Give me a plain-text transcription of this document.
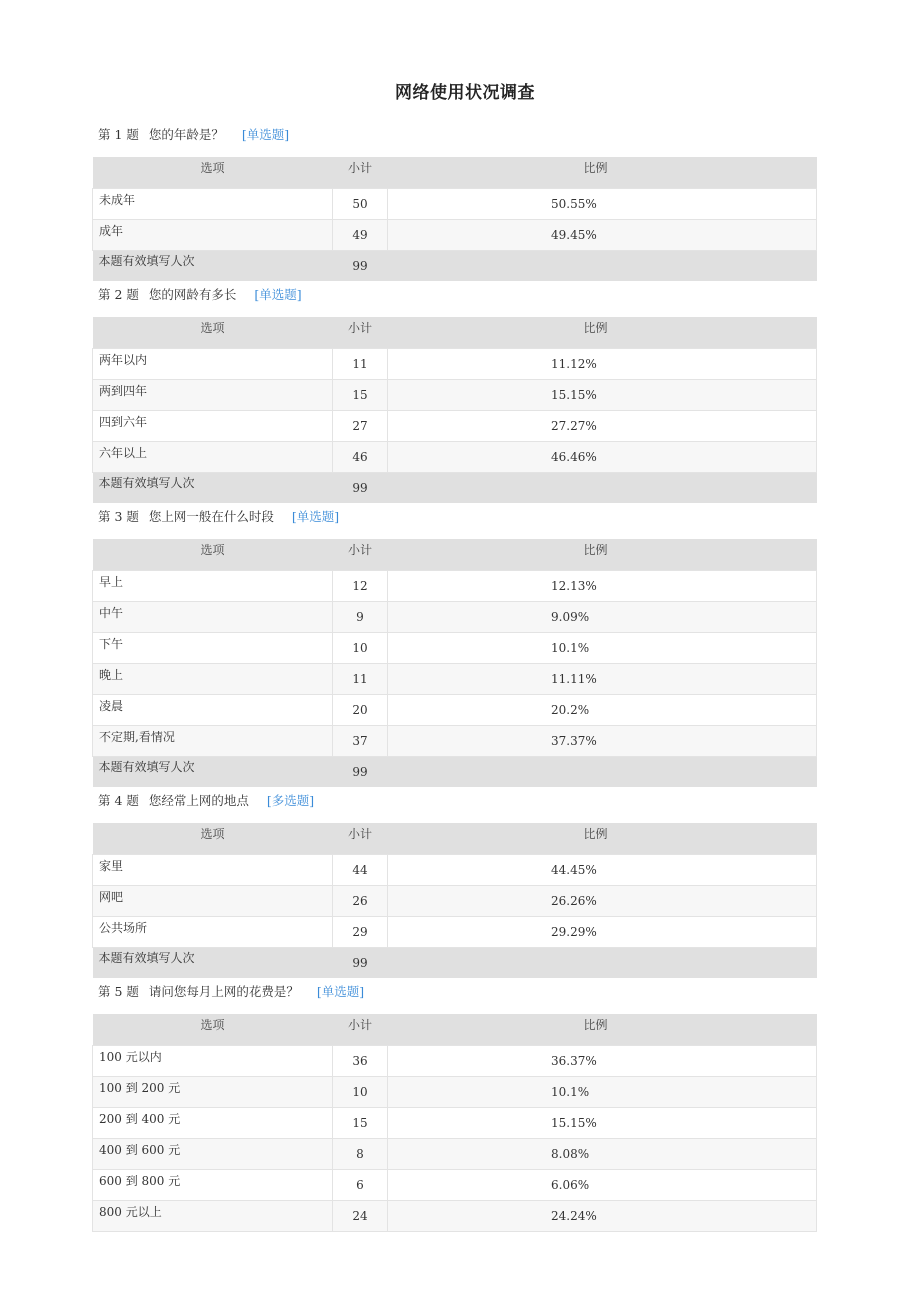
网络使用状况调查
第 1 题 您的年龄是？ [单选题]
选项	小计	比例
未成年	50	50.55%
成年	49	49.45%
本题有效填写人次	99	
第 2 题 您的网龄有多长 [单选题]
选项	小计	比例
两年以内	11	11.12%
两到四年	15	15.15%
四到六年	27	27.27%
六年以上	46	46.46%
本题有效填写人次	99	
第 3 题 您上网一般在什么时段 [单选题]
选项	小计	比例
早上	12	12.13%
中午	9	9.09%
下午	10	10.1%
晚上	11	11.11%
凌晨	20	20.2%
不定期,看情况	37	37.37%
本题有效填写人次	99	
第 4 题 您经常上网的地点 [多选题]
选项	小计	比例
家里	44	44.45%
网吧	26	26.26%
公共场所	29	29.29%
本题有效填写人次	99	
第 5 题 请问您每月上网的花费是？ [单选题]
选项	小计	比例
100 元以内	36	36.37%
100 到 200 元	10	10.1%
200 到 400 元	15	15.15%
400 到 600 元	8	8.08%
600 到 800 元	6	6.06%
800 元以上	24	24.24%
